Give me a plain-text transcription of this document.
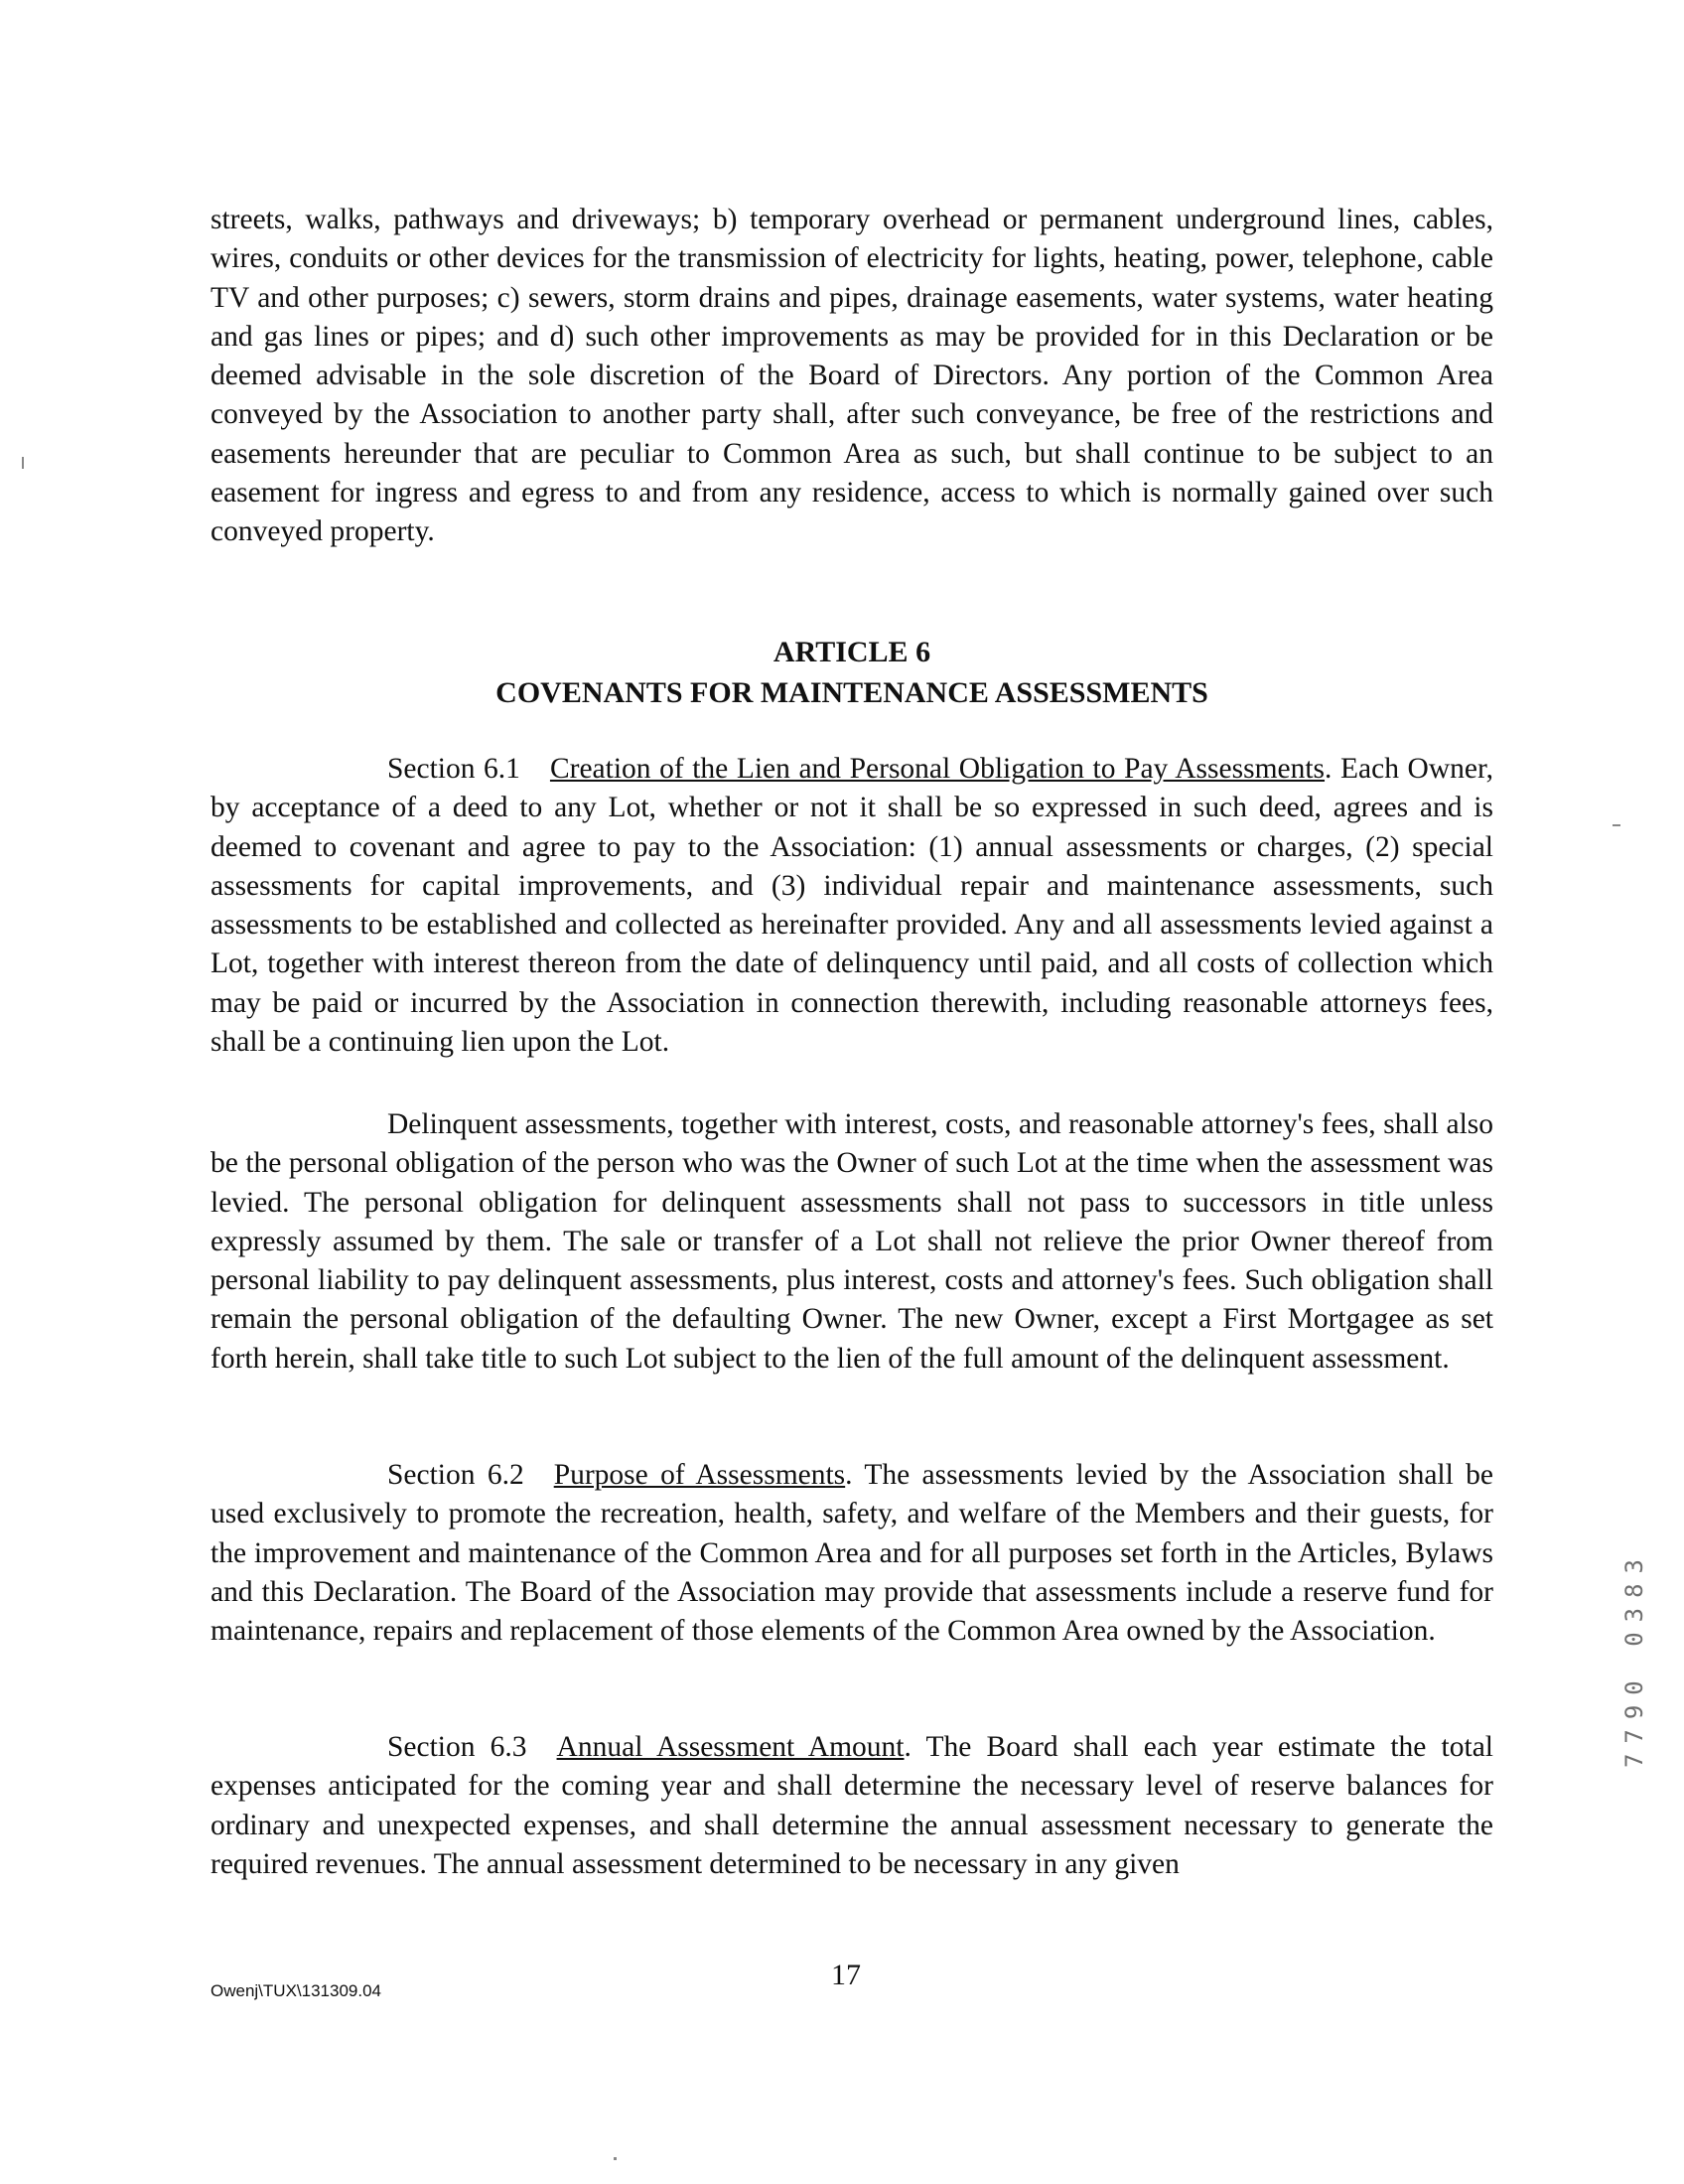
streets, walks, pathways and driveways; b) temporary overhead or permanent underground lines, cables, wires, conduits or other devices for the transmission of electricity for lights, heating, power, telephone, cable TV and other purposes; c) sewers, storm drains and pipes, drainage easements, water systems, water heating and gas lines or pipes; and d) such other improvements as may be provided for in this Declaration or be deemed advisable in the sole discretion of the Board of Directors. Any portion of the Common Area conveyed by the Association to another party shall, after such conveyance, be free of the restrictions and easements hereunder that are peculiar to Common Area as such, but shall continue to be subject to an easement for ingress and egress to and from any residence, access to which is normally gained over such conveyed property.

ARTICLE 6
COVENANTS FOR MAINTENANCE ASSESSMENTS

Section 6.1 Creation of the Lien and Personal Obligation to Pay Assessments. Each Owner, by acceptance of a deed to any Lot, whether or not it shall be so expressed in such deed, agrees and is deemed to covenant and agree to pay to the Association: (1) annual assessments or charges, (2) special assessments for capital improvements, and (3) individual repair and maintenance assessments, such assessments to be established and collected as hereinafter provided. Any and all assessments levied against a Lot, together with interest thereon from the date of delinquency until paid, and all costs of collection which may be paid or incurred by the Association in connection therewith, including reasonable attorneys fees, shall be a continuing lien upon the Lot.

Delinquent assessments, together with interest, costs, and reasonable attorney's fees, shall also be the personal obligation of the person who was the Owner of such Lot at the time when the assessment was levied. The personal obligation for delinquent assessments shall not pass to successors in title unless expressly assumed by them. The sale or transfer of a Lot shall not relieve the prior Owner thereof from personal liability to pay delinquent assessments, plus interest, costs and attorney's fees. Such obligation shall remain the personal obligation of the defaulting Owner. The new Owner, except a First Mortgagee as set forth herein, shall take title to such Lot subject to the lien of the full amount of the delinquent assessment.

Section 6.2 Purpose of Assessments. The assessments levied by the Association shall be used exclusively to promote the recreation, health, safety, and welfare of the Members and their guests, for the improvement and maintenance of the Common Area and for all purposes set forth in the Articles, Bylaws and this Declaration. The Board of the Association may provide that assessments include a reserve fund for maintenance, repairs and replacement of those elements of the Common Area owned by the Association.

Section 6.3 Annual Assessment Amount. The Board shall each year estimate the total expenses anticipated for the coming year and shall determine the necessary level of reserve balances for ordinary and unexpected expenses, and shall determine the annual assessment necessary to generate the required revenues. The annual assessment determined to be necessary in any given

Owenj\TUX\131309.04	17
7790 0383
